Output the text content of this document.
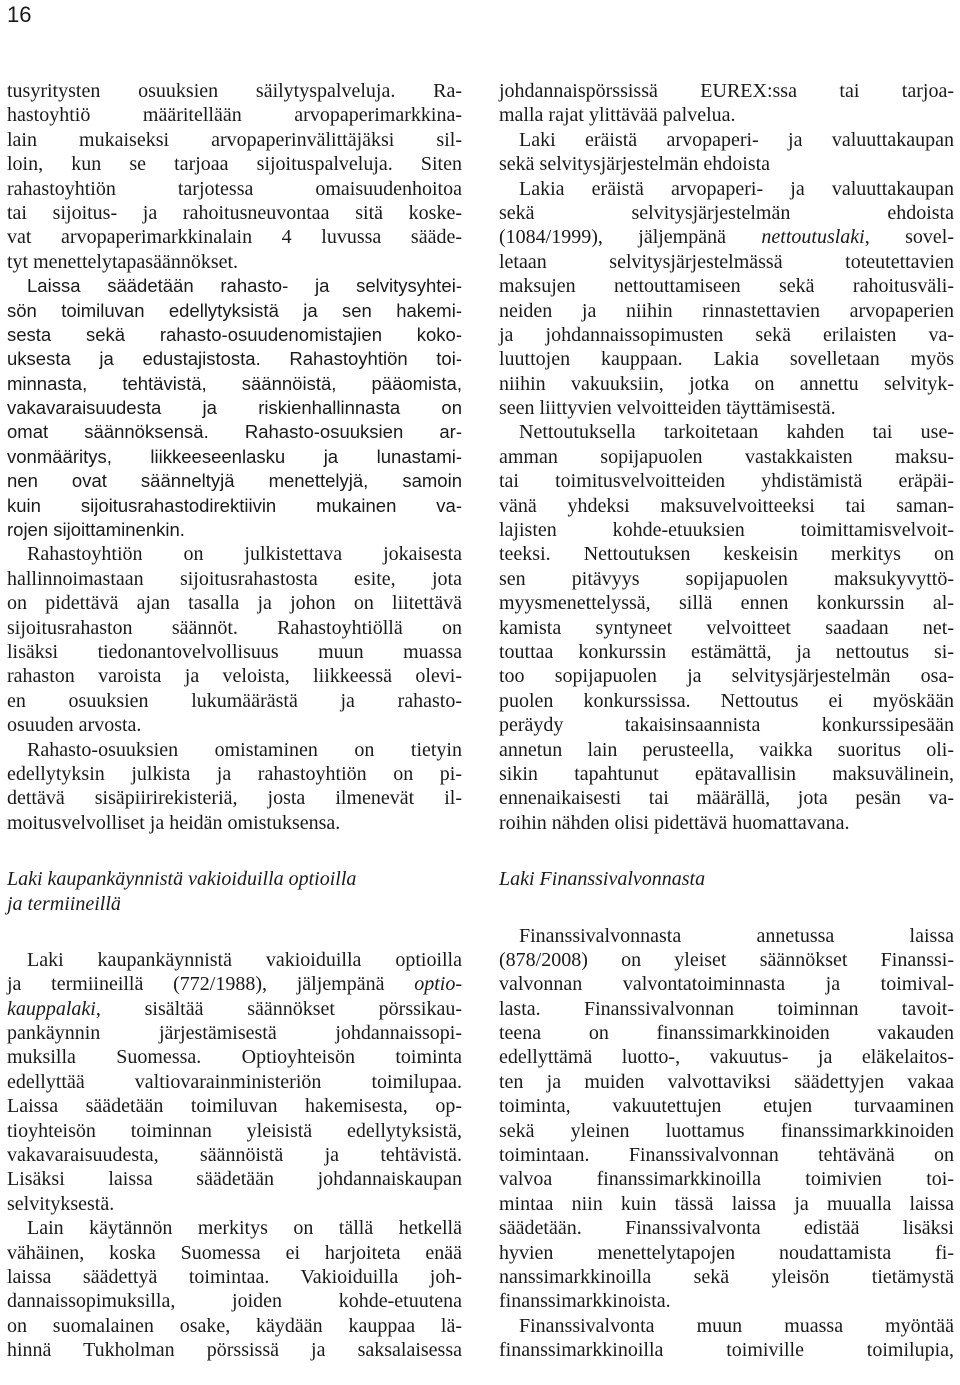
16
tusyritysten osuuksien säilytyspalveluja. Ra-
hastoyhtiö määritellään arvopaperimarkkina-
lain mukaiseksi arvopaperinvälittäjäksi sil-
loin, kun se tarjoaa sijoituspalveluja. Siten
rahastoyhtiön tarjotessa omaisuudenhoitoa
tai sijoitus- ja rahoitusneuvontaa sitä koske-
vat arvopaperimarkkinalain 4 luvussa sääde-
tyt menettelytapasäännökset.
Laissa säädetään rahasto- ja selvitysyhtei-
sön toimiluvan edellytyksistä ja sen hakemi-
sesta sekä rahasto-osuudenomistajien koko-
uksesta ja edustajistosta. Rahastoyhtiön toi-
minnasta, tehtävistä, säännöistä, pääomista,
vakavaraisuudesta ja riskienhallinnasta on
omat säännöksensä. Rahasto-osuuksien ar-
vonmääritys, liikkeeseenlasku ja lunastami-
nen ovat säänneltyjä menettelyjä, samoin
kuin sijoitusrahastodirektiivin mukainen va-
rojen sijoittaminenkin.
Rahastoyhtiön on julkistettava jokaisesta
hallinnoimastaan sijoitusrahastosta esite, jota
on pidettävä ajan tasalla ja johon on liitettävä
sijoitusrahaston säännöt. Rahastoyhtiöllä on
lisäksi tiedonantovelvollisuus muun muassa
rahaston varoista ja veloista, liikkeessä olevi-
en osuuksien lukumäärästä ja rahasto-
osuuden arvosta.
Rahasto-osuuksien omistaminen on tietyin
edellytyksin julkista ja rahastoyhtiön on pi-
dettävä sisäpiirirekisteriä, josta ilmenevät il-
moitusvelvolliset ja heidän omistuksensa.
Laki kaupankäynnistä vakioiduilla optioilla
ja termiineillä
Laki kaupankäynnistä vakioiduilla optioilla
ja termiineillä (772/1988), jäljempänä optio-
kauppalaki, sisältää säännökset pörssikau-
pankäynnin järjestämisestä johdannaissopi-
muksilla Suomessa. Optioyhteisön toiminta
edellyttää valtiovarainministeriön toimilupaa.
Laissa säädetään toimiluvan hakemisesta, op-
tioyhteisön toiminnan yleisistä edellytyksistä,
vakavaraisuudesta, säännöistä ja tehtävistä.
Lisäksi laissa säädetään johdannaiskaupan
selvityksestä.
Lain käytännön merkitys on tällä hetkellä
vähäinen, koska Suomessa ei harjoiteta enää
laissa säädettyä toimintaa. Vakioiduilla joh-
dannaissopimuksilla, joiden kohde-etuutena
on suomalainen osake, käydään kauppaa lä-
hinnä Tukholman pörssissä ja saksalaisessa
johdannaispörssissä EUREX:ssa tai tarjoa-
malla rajat ylittävää palvelua.
Laki eräistä arvopaperi- ja valuuttakaupan
sekä selvitysjärjestelmän ehdoista
Lakia eräistä arvopaperi- ja valuuttakaupan
sekä selvitysjärjestelmän ehdoista
(1084/1999), jäljempänä nettoutuslaki, sovel-
letaan selvitysjärjestelmässä toteutettavien
maksujen nettouttamiseen sekä rahoitusväli-
neiden ja niihin rinnastettavien arvopaperien
ja johdannaissopimusten sekä erilaisten va-
luuttojen kauppaan. Lakia sovelletaan myös
niihin vakuuksiin, jotka on annettu selvityk-
seen liittyvien velvoitteiden täyttämisestä.
Nettoutuksella tarkoitetaan kahden tai use-
amman sopijapuolen vastakkaisten maksu-
tai toimitusvelvoitteiden yhdistämistä eräpäi-
vänä yhdeksi maksuvelvoitteeksi tai saman-
lajisten kohde-etuuksien toimittamisvelvoit-
teeksi. Nettoutuksen keskeisin merkitys on
sen pitävyys sopijapuolen maksukyvyttö-
myysmenettelyssä, sillä ennen konkurssin al-
kamista syntyneet velvoitteet saadaan net-
touttaa konkurssin estämättä, ja nettoutus si-
too sopijapuolen ja selvitysjärjestelmän osa-
puolen konkurssissa. Nettoutus ei myöskään
peräydy takaisinsaannista konkurssipesään
annetun lain perusteella, vaikka suoritus oli-
sikin tapahtunut epätavallisin maksuvälinein,
ennenaikaisesti tai määrällä, jota pesän va-
roihin nähden olisi pidettävä huomattavana.
Laki Finanssivalvonnasta
Finanssivalvonnasta annetussa laissa
(878/2008) on yleiset säännökset Finanssi-
valvonnan valvontatoiminnasta ja toimival-
lasta. Finanssivalvonnan toiminnan tavoit-
teena on finanssimarkkinoiden vakauden
edellyttämä luotto-, vakuutus- ja eläkelaitos-
ten ja muiden valvottaviksi säädettyjen vakaa
toiminta, vakuutettujen etujen turvaaminen
sekä yleinen luottamus finanssimarkkinoiden
toimintaan. Finanssivalvonnan tehtävänä on
valvoa finanssimarkkinoilla toimivien toi-
mintaa niin kuin tässä laissa ja muualla laissa
säädetään. Finanssivalvonta edistää lisäksi
hyvien menettelytapojen noudattamista fi-
nanssimarkkinoilla sekä yleisön tietämystä
finanssimarkkinoista.
Finanssivalvonta muun muassa myöntää
finanssimarkkinoilla toimiville toimilupia,
